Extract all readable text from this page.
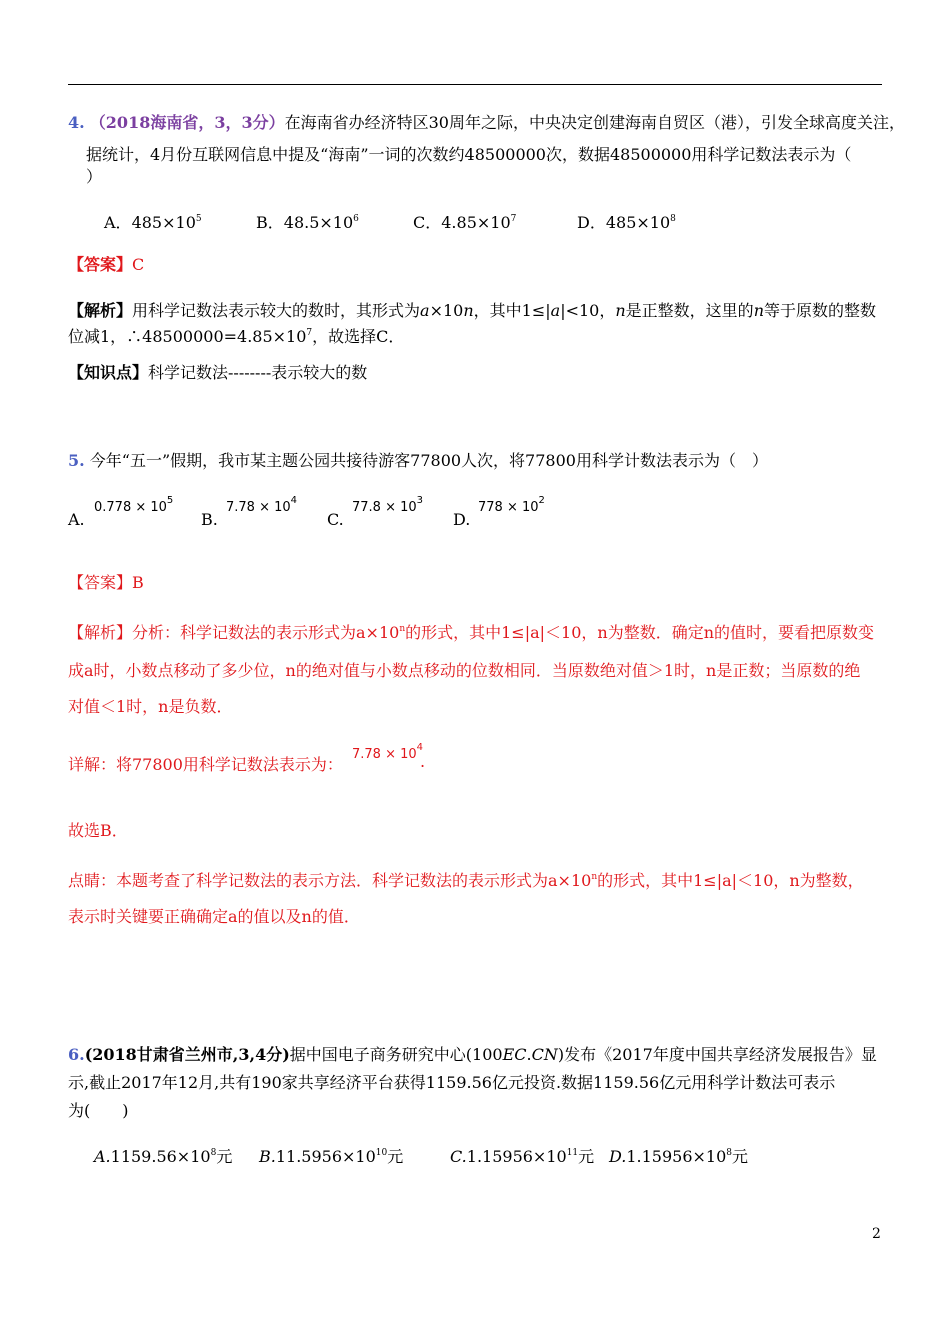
4. （2018海南省，3，3分）在海南省办经济特区30周年之际，中央决定创建海南自贸区（港），引发全球高度关注，
据统计，4月份互联网信息中提及“海南”一词的次数约48500000次，数据48500000用科学记数法表示为（
）
A．$485\times 10^5$	B．$48.5\times 10^6$	C．$4.85\times 10^7$	D．$485\times 10^8$
【答案】C
【解析】用科学记数法表示较大的数时，其形式为a×10n，其中1≤|a|<10，n是正整数，这里的n等于原数的整数
位减1，$\therefore 48500000=4.85\times 10^7$，故选择C．
【知识点】科学记数法--------表示较大的数
5. 今年“五一”假期，我市某主题公园共接待游客77800人次，将77800用科学计数法表示为（　）
A.
$0.778 \times 10^5$
B.
$7.78 \times 10^4$
C.
$77.8 \times 10^3$
D.
$778 \times 10^2$
【答案】B
【解析】分析：科学记数法的表示形式为$a\times 10^n$的形式，其中1≤|a|＜10，n为整数．确定n的值时，要看把原数变
成a时，小数点移动了多少位，n的绝对值与小数点移动的位数相同．当原数绝对值＞1时，n是正数；当原数的绝
对值＜1时，n是负数．
详解：将77800用科学记数法表示为：
$7.78 \times 10^4$
.
故选B．
点睛：本题考查了科学记数法的表示方法．科学记数法的表示形式为$a\times 10^n$的形式，其中1≤|a|＜10，n为整数，
表示时关键要正确确定a的值以及n的值．
6.(2018甘肃省兰州市,3,4分)据中国电子商务研究中心(100EC.CN)发布《2017年度中国共享经济发展报告》显
示,截止2017年12月,共有190家共享经济平台获得1159.56亿元投资.数据1159.56亿元用科学计数法可表示
为(　　)
$A.1159.56\times 10^8$元 $B.11.5956\times 10^{10}$元	$C.1.15956\times 10^{11}$元 $D.1.15956\times 10^8$元
2
